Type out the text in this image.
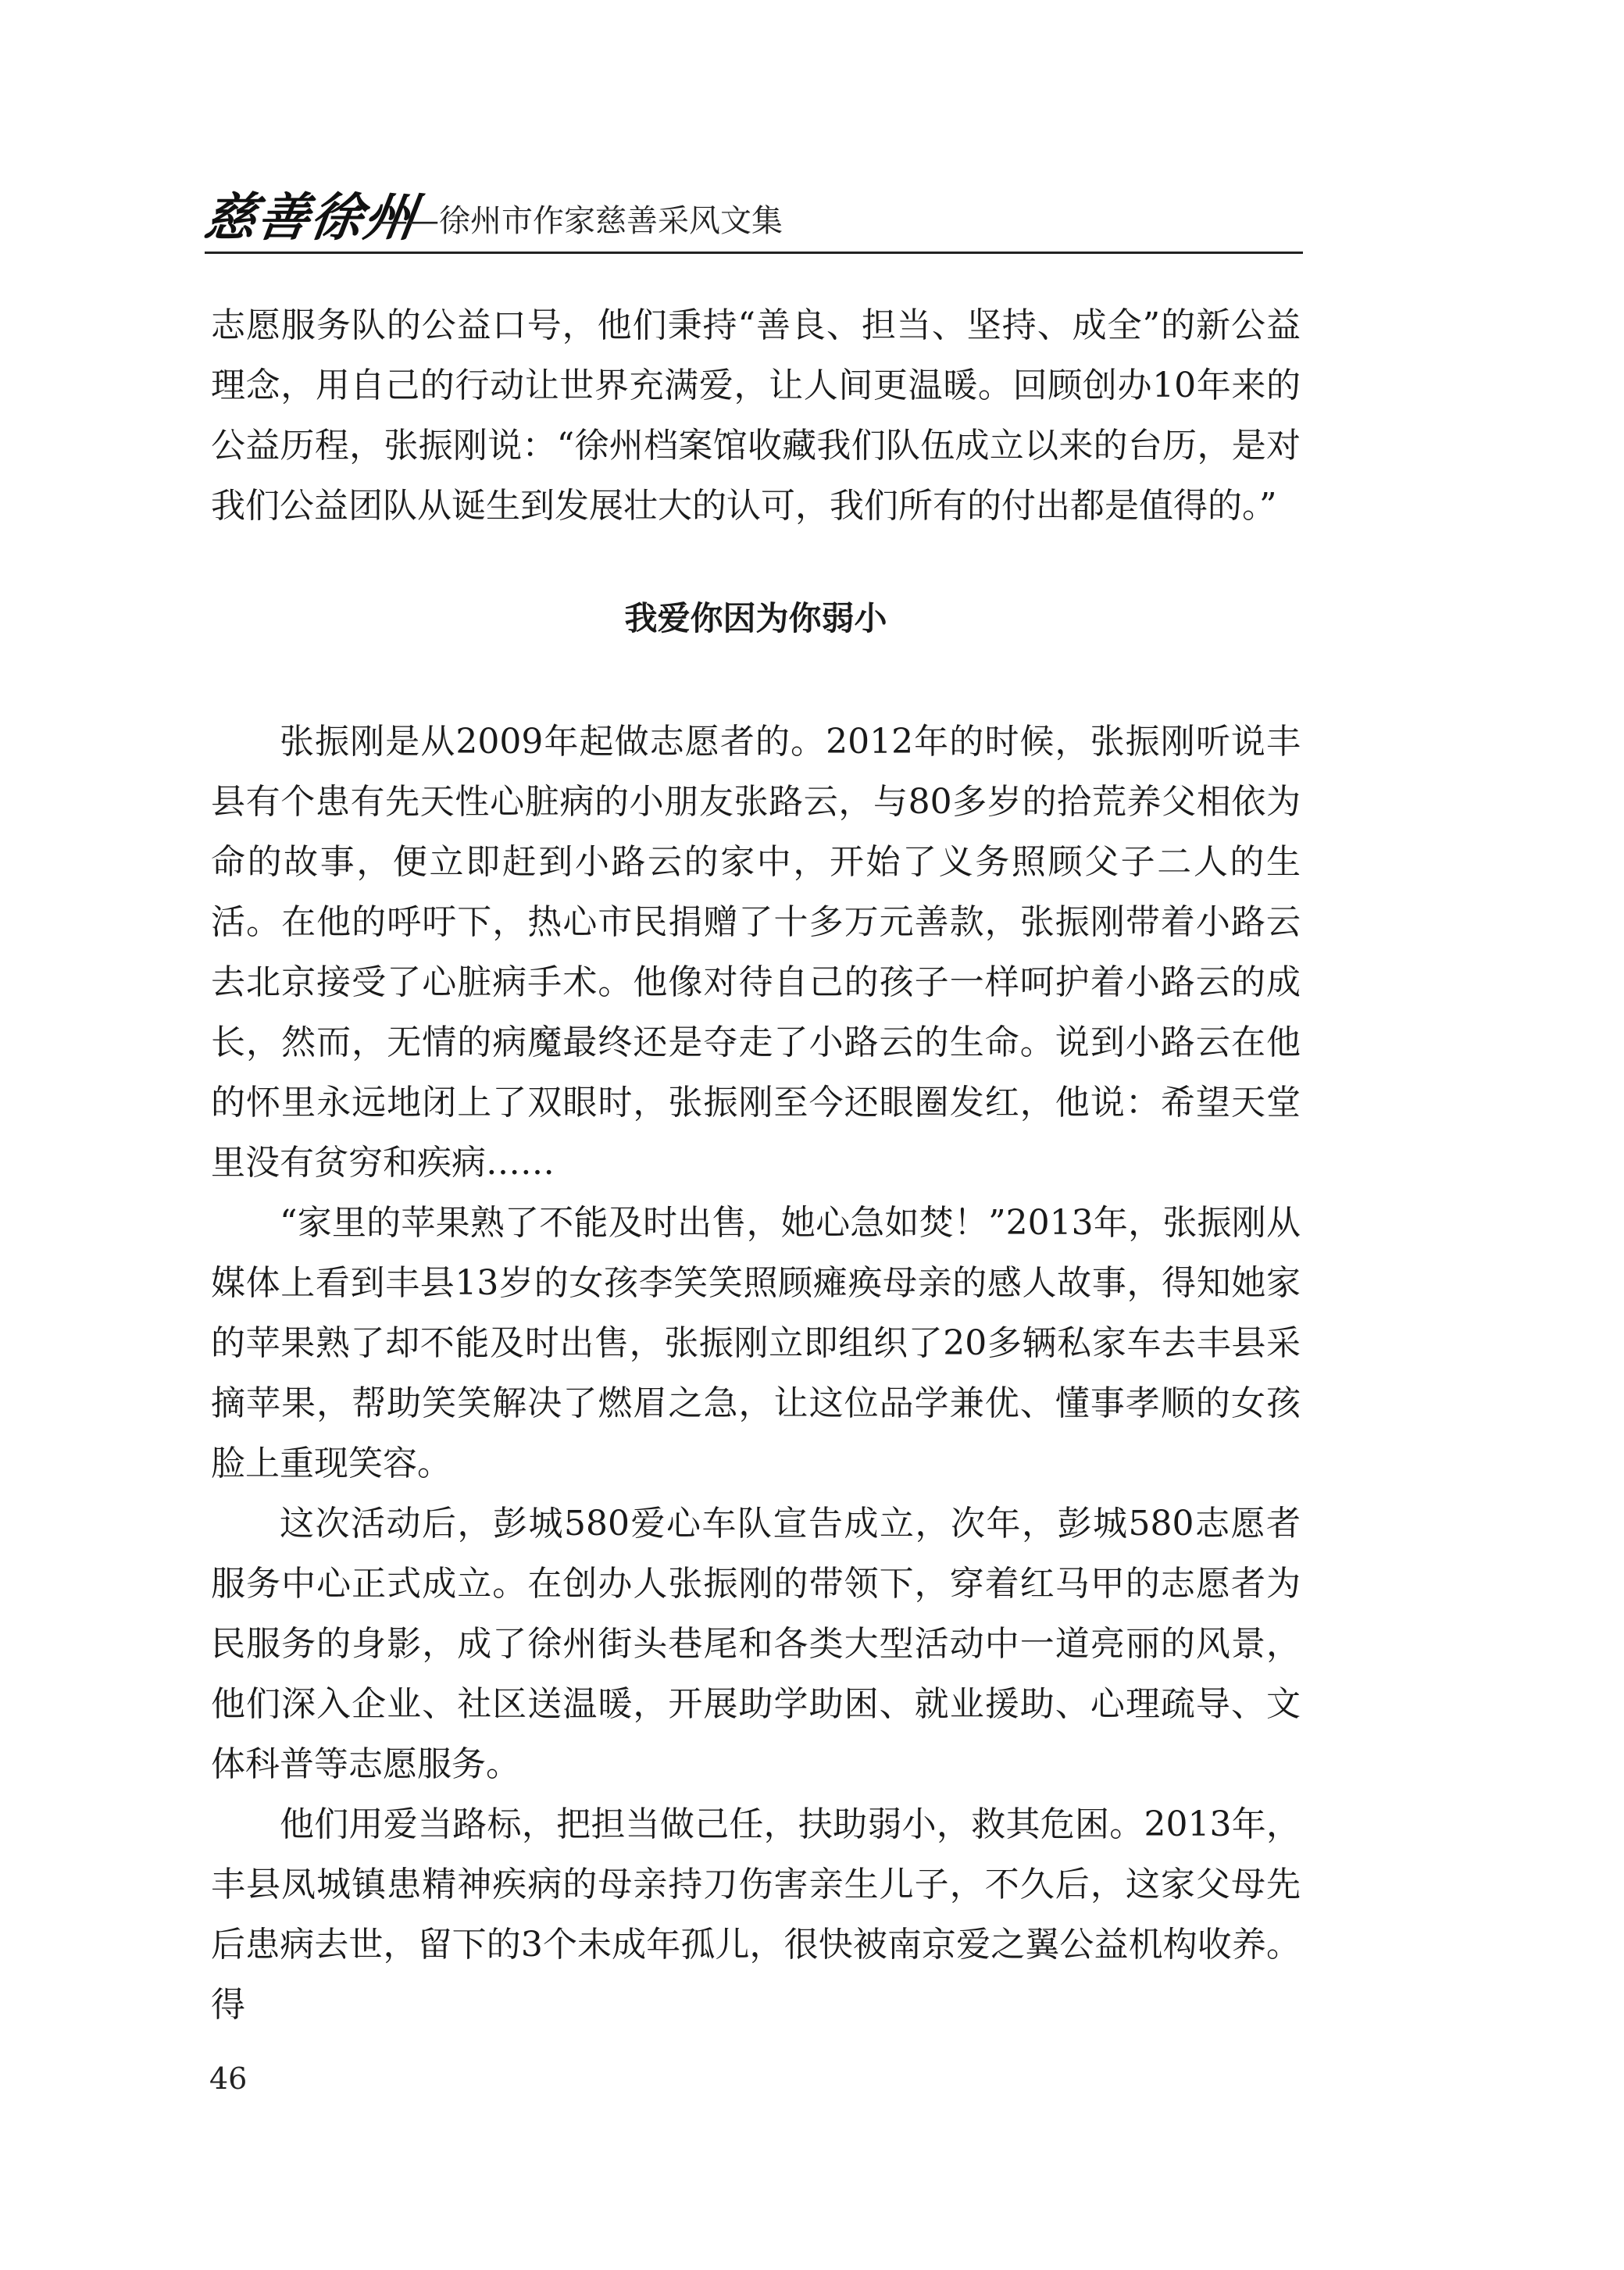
慈善徐州
——徐州市作家慈善采风文集

志愿服务队的公益口号，他们秉持“善良、担当、坚持、成全”的新公益理念，用自己的行动让世界充满爱，让人间更温暖。回顾创办10年来的公益历程，张振刚说：“徐州档案馆收藏我们队伍成立以来的台历，是对我们公益团队从诞生到发展壮大的认可，我们所有的付出都是值得的。”

我爱你因为你弱小

张振刚是从2009年起做志愿者的。2012年的时候，张振刚听说丰县有个患有先天性心脏病的小朋友张路云，与80多岁的拾荒养父相依为命的故事，便立即赶到小路云的家中，开始了义务照顾父子二人的生活。在他的呼吁下，热心市民捐赠了十多万元善款，张振刚带着小路云去北京接受了心脏病手术。他像对待自己的孩子一样呵护着小路云的成长，然而，无情的病魔最终还是夺走了小路云的生命。说到小路云在他的怀里永远地闭上了双眼时，张振刚至今还眼圈发红，他说：希望天堂里没有贫穷和疾病……

“家里的苹果熟了不能及时出售，她心急如焚！”2013年，张振刚从媒体上看到丰县13岁的女孩李笑笑照顾瘫痪母亲的感人故事，得知她家的苹果熟了却不能及时出售，张振刚立即组织了20多辆私家车去丰县采摘苹果，帮助笑笑解决了燃眉之急，让这位品学兼优、懂事孝顺的女孩脸上重现笑容。

这次活动后，彭城580爱心车队宣告成立，次年，彭城580志愿者服务中心正式成立。在创办人张振刚的带领下，穿着红马甲的志愿者为民服务的身影，成了徐州街头巷尾和各类大型活动中一道亮丽的风景，他们深入企业、社区送温暖，开展助学助困、就业援助、心理疏导、文体科普等志愿服务。

他们用爱当路标，把担当做己任，扶助弱小，救其危困。2013年，丰县凤城镇患精神疾病的母亲持刀伤害亲生儿子，不久后，这家父母先后患病去世，留下的3个未成年孤儿，很快被南京爱之翼公益机构收养。得

46
